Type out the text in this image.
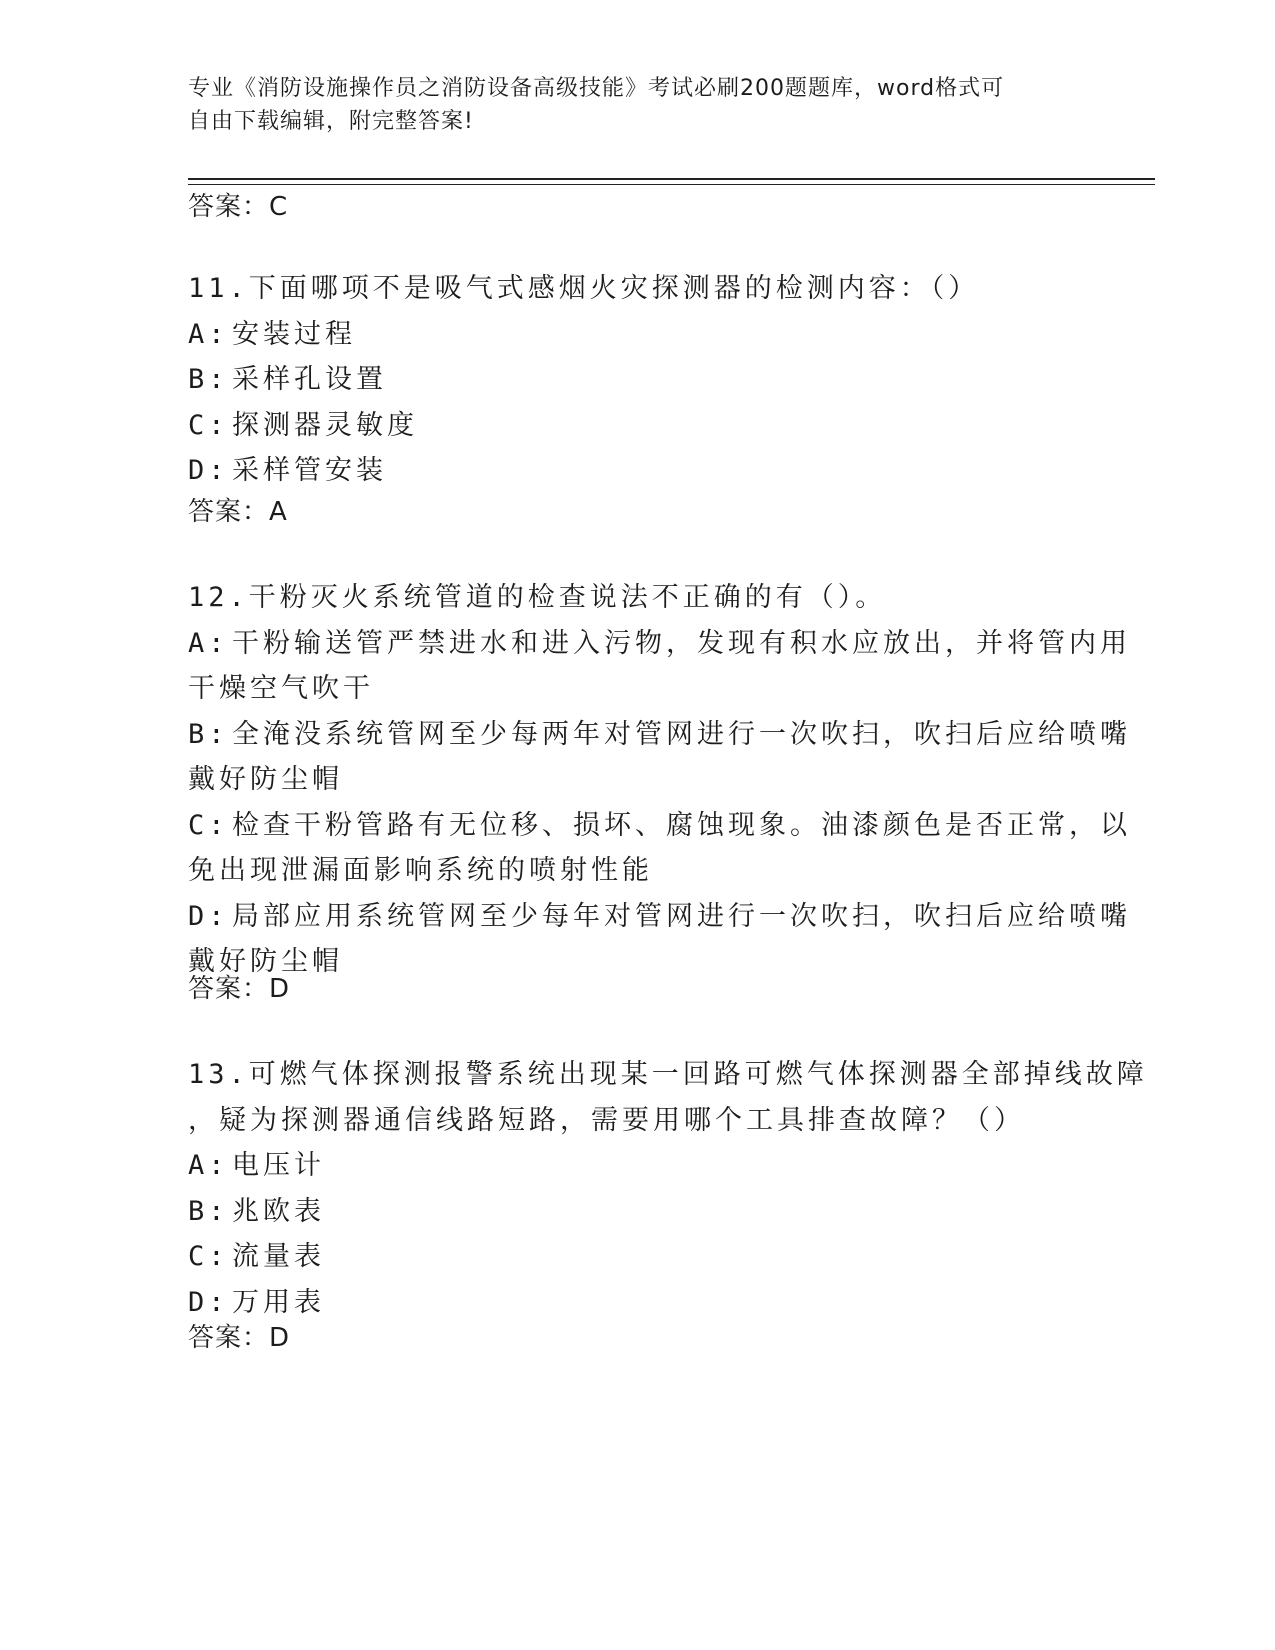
专业《消防设施操作员之消防设备高级技能》考试必刷200题题库，word格式可
自由下载编辑，附完整答案!
答案：C
11.下面哪项不是吸气式感烟火灾探测器的检测内容：（）
A: 安装过程
B: 采样孔设置
C: 探测器灵敏度
D: 采样管安装
答案：A
12.干粉灭火系统管道的检查说法不正确的有（）。
A: 干粉输送管严禁进水和进入污物，发现有积水应放出，并将管内用
干燥空气吹干
B: 全淹没系统管网至少每两年对管网进行一次吹扫，吹扫后应给喷嘴
戴好防尘帽
C: 检查干粉管路有无位移、损坏、腐蚀现象。油漆颜色是否正常，以
免出现泄漏面影响系统的喷射性能
D: 局部应用系统管网至少每年对管网进行一次吹扫，吹扫后应给喷嘴
戴好防尘帽
答案：D
13.可燃气体探测报警系统出现某一回路可燃气体探测器全部掉线故障
，疑为探测器通信线路短路，需要用哪个工具排查故障？（）
A: 电压计
B: 兆欧表
C: 流量表
D: 万用表
答案：D
